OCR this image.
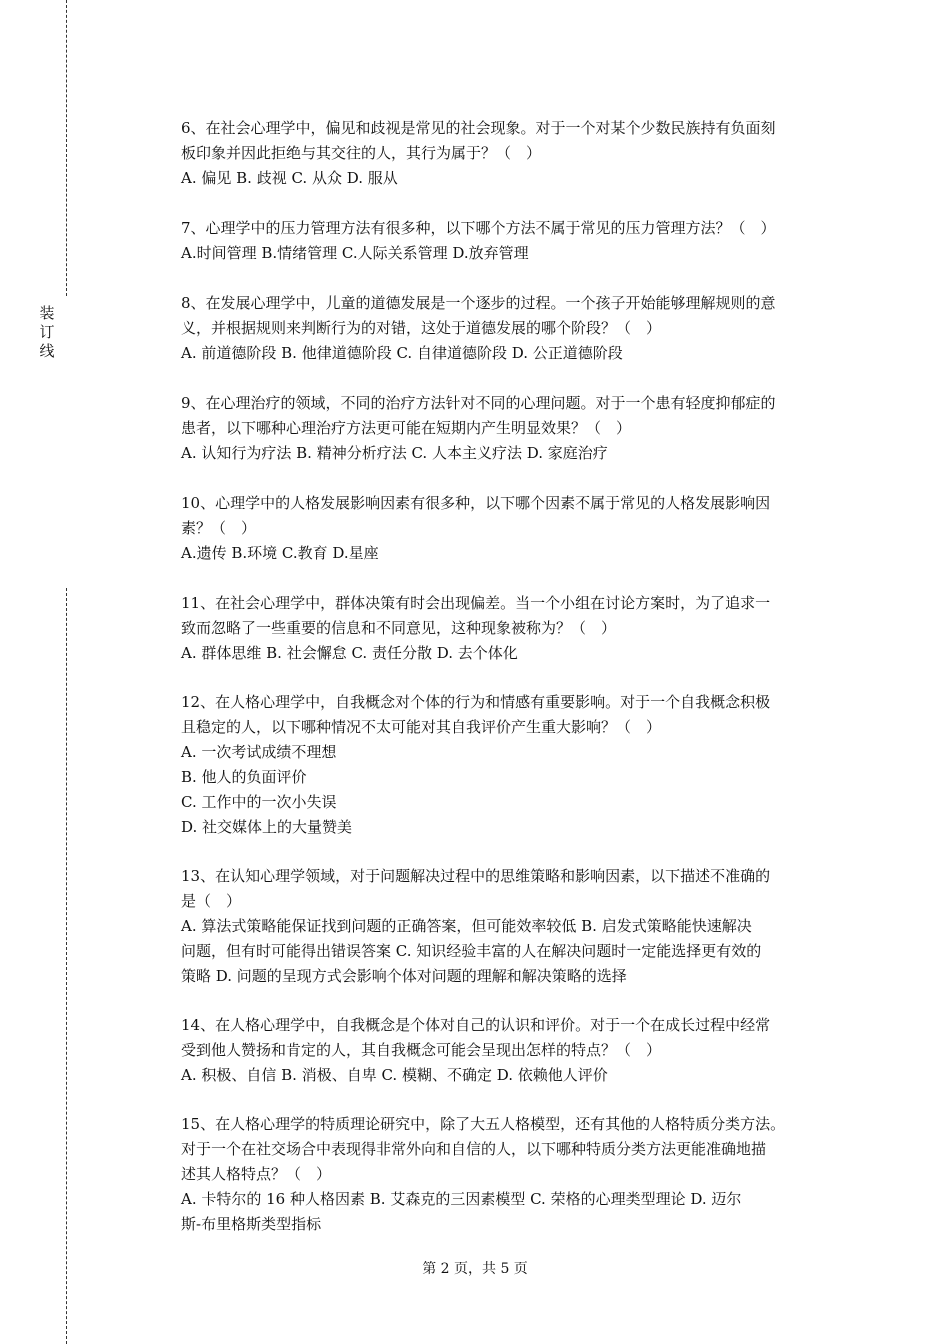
装
订
线
6、在社会心理学中，偏见和歧视是常见的社会现象。对于一个对某个少数民族持有负面刻
板印象并因此拒绝与其交往的人，其行为属于？（　）
A. 偏见 B. 歧视 C. 从众 D. 服从
7、心理学中的压力管理方法有很多种，以下哪个方法不属于常见的压力管理方法？（　）
A.时间管理 B.情绪管理 C.人际关系管理 D.放弃管理
8、在发展心理学中，儿童的道德发展是一个逐步的过程。一个孩子开始能够理解规则的意
义，并根据规则来判断行为的对错，这处于道德发展的哪个阶段？（　）
A. 前道德阶段 B. 他律道德阶段 C. 自律道德阶段 D. 公正道德阶段
9、在心理治疗的领域，不同的治疗方法针对不同的心理问题。对于一个患有轻度抑郁症的
患者，以下哪种心理治疗方法更可能在短期内产生明显效果？（　）
A. 认知行为疗法 B. 精神分析疗法 C. 人本主义疗法 D. 家庭治疗
10、心理学中的人格发展影响因素有很多种，以下哪个因素不属于常见的人格发展影响因
素？（　）
A.遗传 B.环境 C.教育 D.星座
11、在社会心理学中，群体决策有时会出现偏差。当一个小组在讨论方案时，为了追求一
致而忽略了一些重要的信息和不同意见，这种现象被称为？（　）
A. 群体思维 B. 社会懈怠 C. 责任分散 D. 去个体化
12、在人格心理学中，自我概念对个体的行为和情感有重要影响。对于一个自我概念积极
且稳定的人，以下哪种情况不太可能对其自我评价产生重大影响？（　）
A. 一次考试成绩不理想
B. 他人的负面评价
C. 工作中的一次小失误
D. 社交媒体上的大量赞美
13、在认知心理学领域，对于问题解决过程中的思维策略和影响因素，以下描述不准确的
是（　）
A. 算法式策略能保证找到问题的正确答案，但可能效率较低 B. 启发式策略能快速解决
问题，但有时可能得出错误答案 C. 知识经验丰富的人在解决问题时一定能选择更有效的
策略 D. 问题的呈现方式会影响个体对问题的理解和解决策略的选择
14、在人格心理学中，自我概念是个体对自己的认识和评价。对于一个在成长过程中经常
受到他人赞扬和肯定的人，其自我概念可能会呈现出怎样的特点？（　）
A. 积极、自信 B. 消极、自卑 C. 模糊、不确定 D. 依赖他人评价
15、在人格心理学的特质理论研究中，除了大五人格模型，还有其他的人格特质分类方法。
对于一个在社交场合中表现得非常外向和自信的人，以下哪种特质分类方法更能准确地描
述其人格特点？（　）
A. 卡特尔的 16 种人格因素 B. 艾森克的三因素模型 C. 荣格的心理类型理论 D. 迈尔
斯-布里格斯类型指标
第 2 页，共 5 页
